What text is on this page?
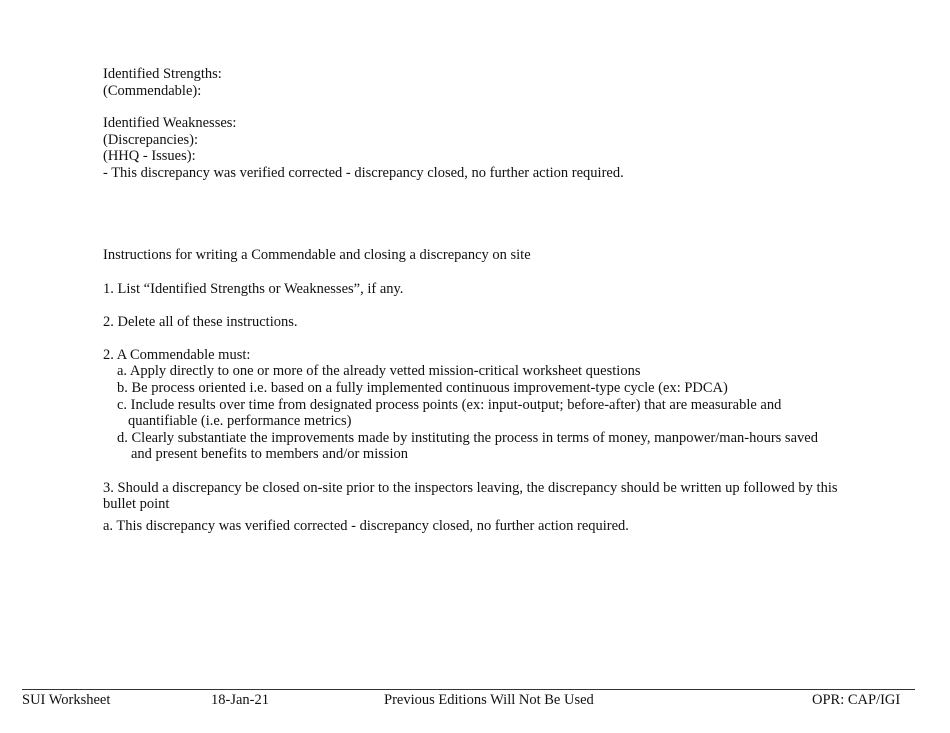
Identified Strengths:
(Commendable):
Identified Weaknesses:
(Discrepancies):
(HHQ - Issues):
- This discrepancy was verified corrected - discrepancy closed, no further action required.
Instructions for writing a Commendable and closing a discrepancy on site
1. List “Identified Strengths or Weaknesses”, if any.
2. Delete all of these instructions.
2. A Commendable must:
a. Apply directly to one or more of the already vetted mission-critical worksheet questions
b. Be process oriented i.e. based on a fully implemented continuous improvement-type cycle (ex: PDCA)
c. Include results over time from designated process points (ex: input-output; before-after) that are measurable and
quantifiable (i.e. performance metrics)
d. Clearly substantiate the improvements made by instituting the process in terms of money, manpower/man-hours saved
and present benefits to members and/or mission
3. Should a discrepancy be closed on-site prior to the inspectors leaving, the discrepancy should be written up followed by this
bullet point
a. This discrepancy was verified corrected - discrepancy closed, no further action required.
SUI Worksheet	18-Jan-21	Previous Editions Will Not Be Used	OPR: CAP/IGI
